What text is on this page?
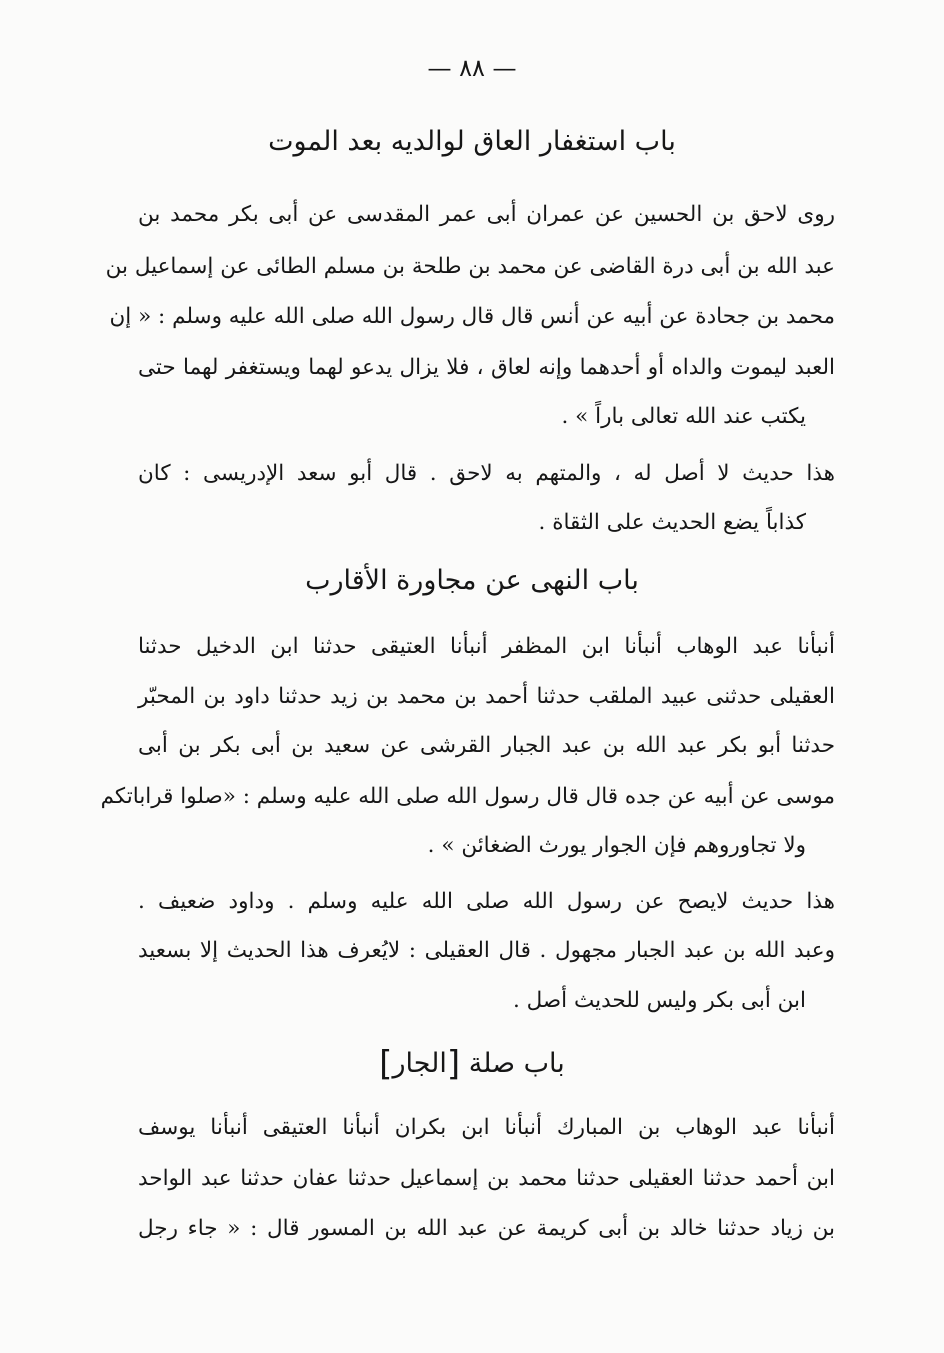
— ٨٨ —
باب استغفار العاق لوالديه بعد الموت
روى لاحق بن الحسين عن عمران أبى عمر المقدسى عن أبى بكر محمد بن
عبد الله بن أبى درة القاضى عن محمد بن طلحة بن مسلم الطائى عن إسماعيل بن
محمد بن جحادة عن أبيه عن أنس قال قال رسول الله صلى الله عليه وسلم : « إن
العبد ليموت والداه أو أحدهما وإنه لعاق ، فلا يزال يدعو لهما ويستغفر لهما حتى
يكتب عند الله تعالى باراً » .
هذا حديث لا أصل له ، والمتهم به لاحق . قال أبو سعد الإدريسى : كان
كذاباً يضع الحديث على الثقاة .
باب النهى عن مجاورة الأقارب
أنبأنا عبد الوهاب أنبأنا ابن المظفر أنبأنا العتيقى حدثنا ابن الدخيل حدثنا
العقيلى حدثنى عبيد الملقب حدثنا أحمد بن محمد بن زيد حدثنا داود بن المحبّر
حدثنا أبو بكر عبد الله بن عبد الجبار القرشى عن سعيد بن أبى بكر بن أبى
موسى عن أبيه عن جده قال قال رسول الله صلى الله عليه وسلم : «صلوا قراباتكم
ولا تجاوروهم فإن الجوار يورث الضغائن » .
هذا حديث لايصح عن رسول الله صلى الله عليه وسلم . وداود ضعيف .
وعبد الله بن عبد الجبار مجهول . قال العقيلى : لايُعرف هذا الحديث إلا بسعيد
ابن أبى بكر وليس للحديث أصل .
باب صلة [الجار]
أنبأنا عبد الوهاب بن المبارك أنبأنا ابن بكران أنبأنا العتيقى أنبأنا يوسف
ابن أحمد حدثنا العقيلى حدثنا محمد بن إسماعيل حدثنا عفان حدثنا عبد الواحد
بن زياد حدثنا خالد بن أبى كريمة عن عبد الله بن المسور قال : « جاء رجل
